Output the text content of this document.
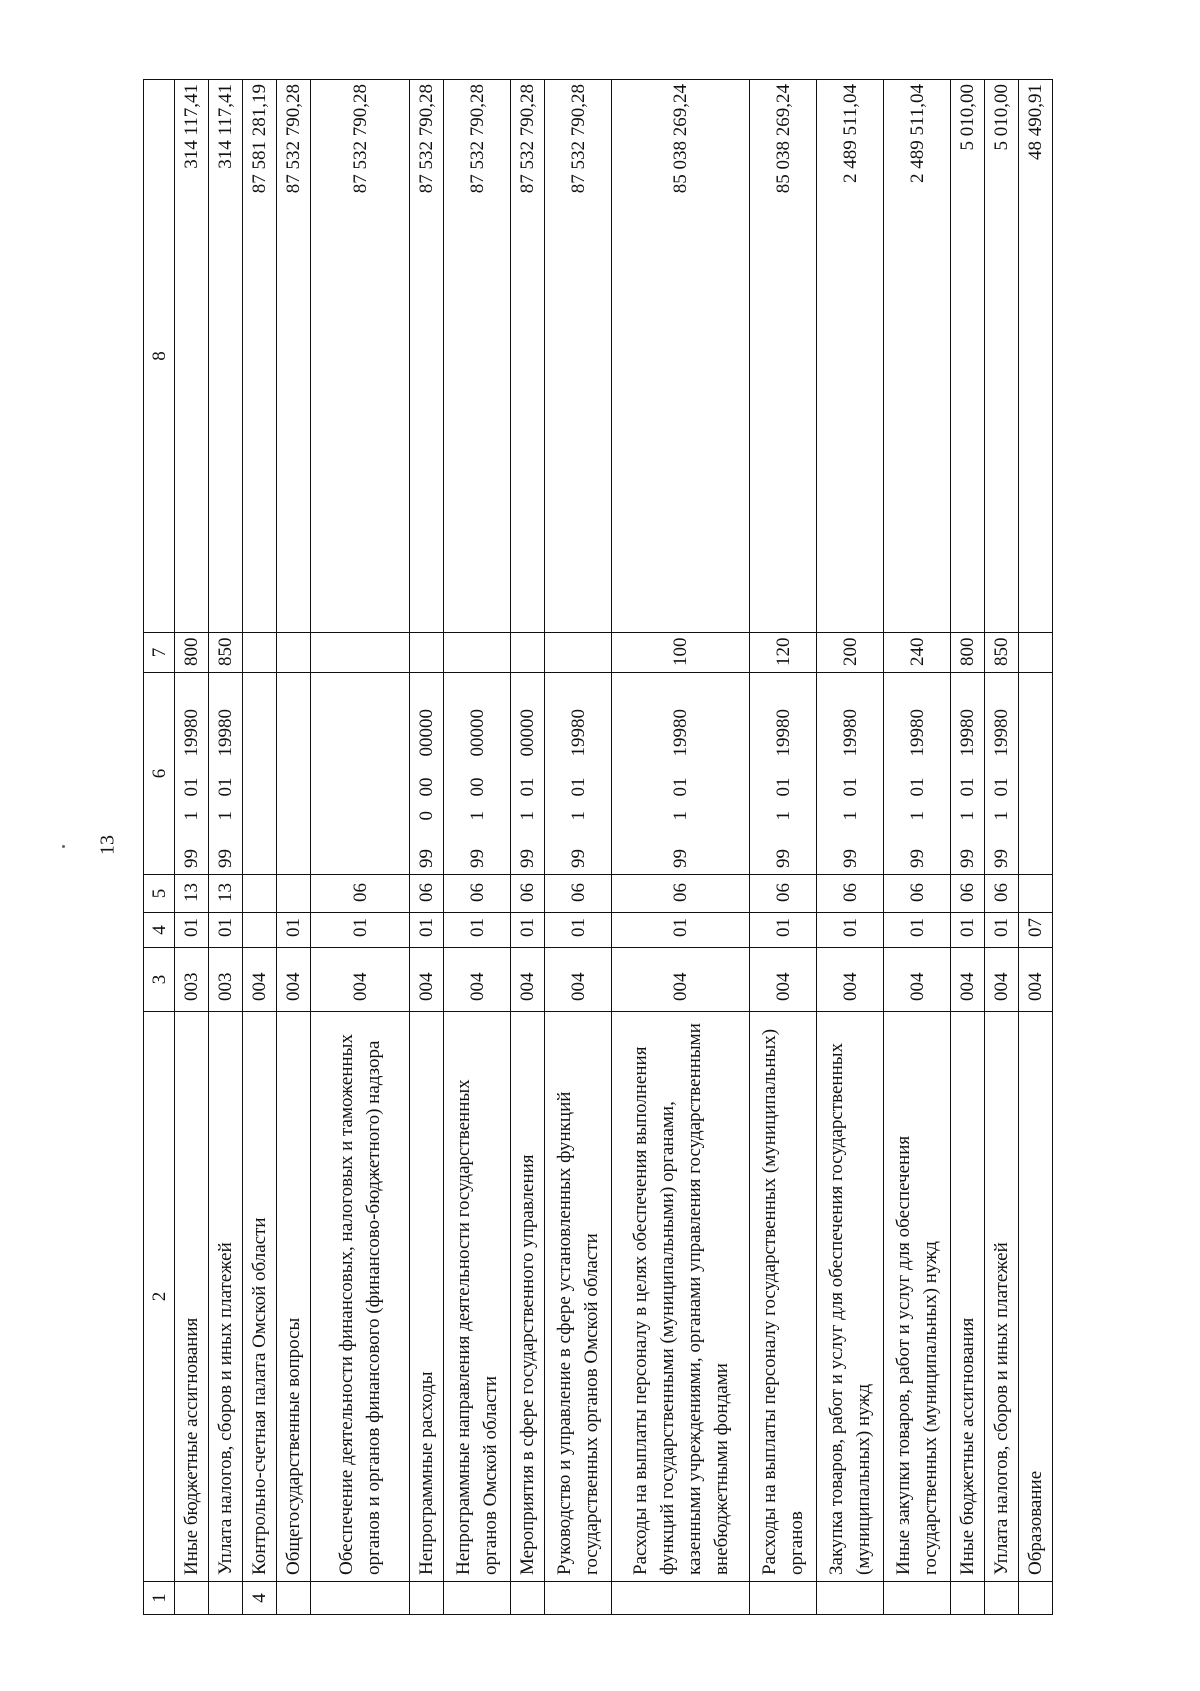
13
1	2	3	4	5	6				7	8
	Иные бюджетные ассигнования	003	01	13	99	1	01	19980	800	314 117,41
	Уплата налогов, сборов и иных платежей	003	01	13	99	1	01	19980	850	314 117,41
4	Контрольно-счетная палата Омской области	004								87 581 281,19
	Общегосударственные вопросы	004	01							87 532 790,28
	Обеспечение деятельности финансовых, налоговых и таможенных органов и органов финансового (финансово-бюджетного) надзора	004	01	06						87 532 790,28
	Непрограммные расходы	004	01	06	99	0	00	00000		87 532 790,28
	Непрограммные направления деятельности государственных органов Омской области	004	01	06	99	1	00	00000		87 532 790,28
	Мероприятия в сфере государственного управления	004	01	06	99	1	01	00000		87 532 790,28
	Руководство и управление в сфере установленных функций государственных органов Омской области	004	01	06	99	1	01	19980		87 532 790,28
	Расходы на выплаты персоналу в целях обеспечения выполнения функций государственными (муниципальными) органами, казенными учреждениями, органами управления государственными внебюджетными фондами	004	01	06	99	1	01	19980	100	85 038 269,24
	Расходы на выплаты персоналу государственных (муниципальных) органов	004	01	06	99	1	01	19980	120	85 038 269,24
	Закупка товаров, работ и услуг для обеспечения государственных (муниципальных) нужд	004	01	06	99	1	01	19980	200	2 489 511,04
	Иные закупки товаров, работ и услуг для обеспечения государственных (муниципальных) нужд	004	01	06	99	1	01	19980	240	2 489 511,04
	Иные бюджетные ассигнования	004	01	06	99	1	01	19980	800	5 010,00
	Уплата налогов, сборов и иных платежей	004	01	06	99	1	01	19980	850	5 010,00
	Образование	004	07							48 490,91
